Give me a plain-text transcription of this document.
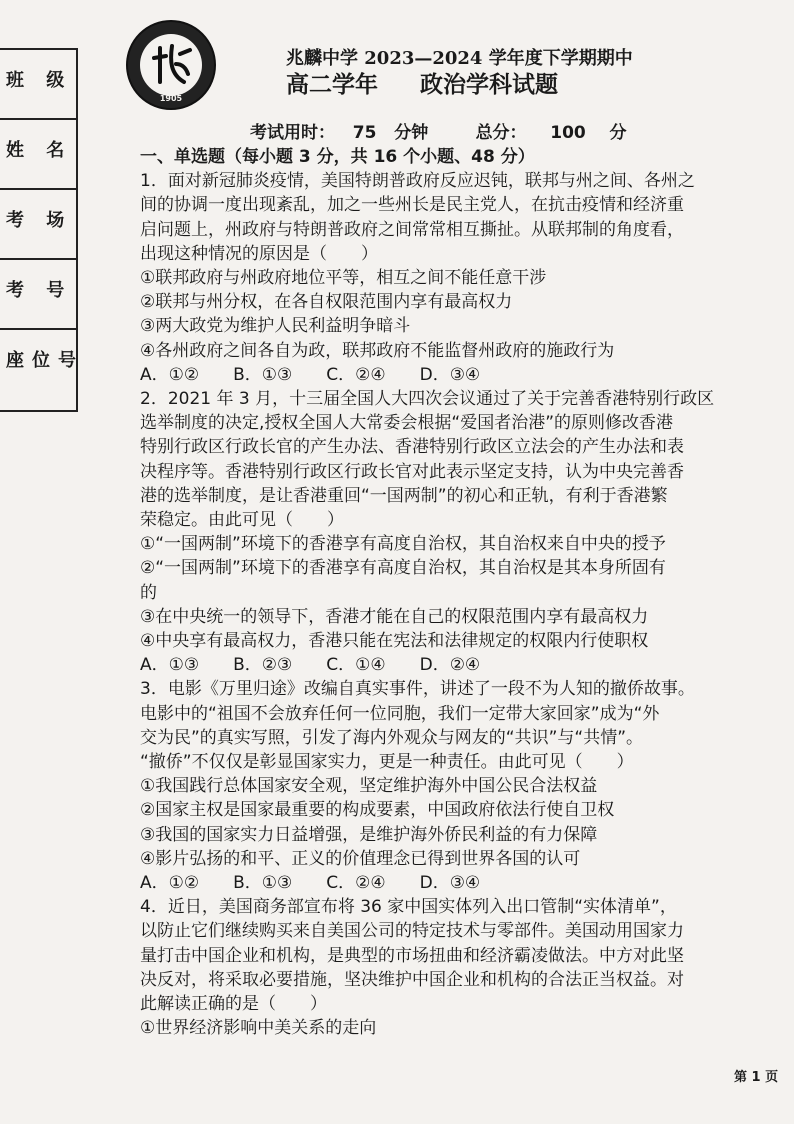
班 级
姓 名
考 场
考 号
座位号
1905
兆麟中学 2023—2024 学年度下学期期中
高二学年 政治学科试题
考试用时： 75 分钟	总分： 100 分
一、单选题（每小题 3 分，共 16 个小题、48 分）
1．面对新冠肺炎疫情，美国特朗普政府反应迟钝，联邦与州之间、各州之
间的协调一度出现紊乱，加之一些州长是民主党人，在抗击疫情和经济重
启问题上，州政府与特朗普政府之间常常相互撕扯。从联邦制的角度看，
出现这种情况的原因是（　　）
①联邦政府与州政府地位平等，相互之间不能任意干涉
②联邦与州分权，在各自权限范围内享有最高权力
③两大政党为维护人民利益明争暗斗
④各州政府之间各自为政，联邦政府不能监督州政府的施政行为
A．①②　　B．①③　　C．②④　　D．③④
2．2021 年 3 月，十三届全国人大四次会议通过了关于完善香港特别行政区
选举制度的决定,授权全国人大常委会根据“爱国者治港”的原则修改香港
特别行政区行政长官的产生办法、香港特别行政区立法会的产生办法和表
决程序等。香港特别行政区行政长官对此表示坚定支持，认为中央完善香
港的选举制度，是让香港重回“一国两制”的初心和正轨，有利于香港繁
荣稳定。由此可见（　　）
①“一国两制”环境下的香港享有高度自治权，其自治权来自中央的授予
②“一国两制”环境下的香港享有高度自治权，其自治权是其本身所固有
的
③在中央统一的领导下，香港才能在自己的权限范围内享有最高权力
④中央享有最高权力，香港只能在宪法和法律规定的权限内行使职权
A．①③　　B．②③　　C．①④　　D．②④
3．电影《万里归途》改编自真实事件，讲述了一段不为人知的撤侨故事。
电影中的“祖国不会放弃任何一位同胞，我们一定带大家回家”成为“外
交为民”的真实写照，引发了海内外观众与网友的“共识”与“共情”。
“撤侨”不仅仅是彰显国家实力，更是一种责任。由此可见（　　）
①我国践行总体国家安全观，坚定维护海外中国公民合法权益
②国家主权是国家最重要的构成要素，中国政府依法行使自卫权
③我国的国家实力日益增强，是维护海外侨民利益的有力保障
④影片弘扬的和平、正义的价值理念已得到世界各国的认可
A．①②　　B．①③　　C．②④　　D．③④
4．近日，美国商务部宣布将 36 家中国实体列入出口管制“实体清单”，
以防止它们继续购买来自美国公司的特定技术与零部件。美国动用国家力
量打击中国企业和机构，是典型的市场扭曲和经济霸凌做法。中方对此坚
决反对，将采取必要措施，坚决维护中国企业和机构的合法正当权益。对
此解读正确的是（　　）
①世界经济影响中美关系的走向
第 1 页
